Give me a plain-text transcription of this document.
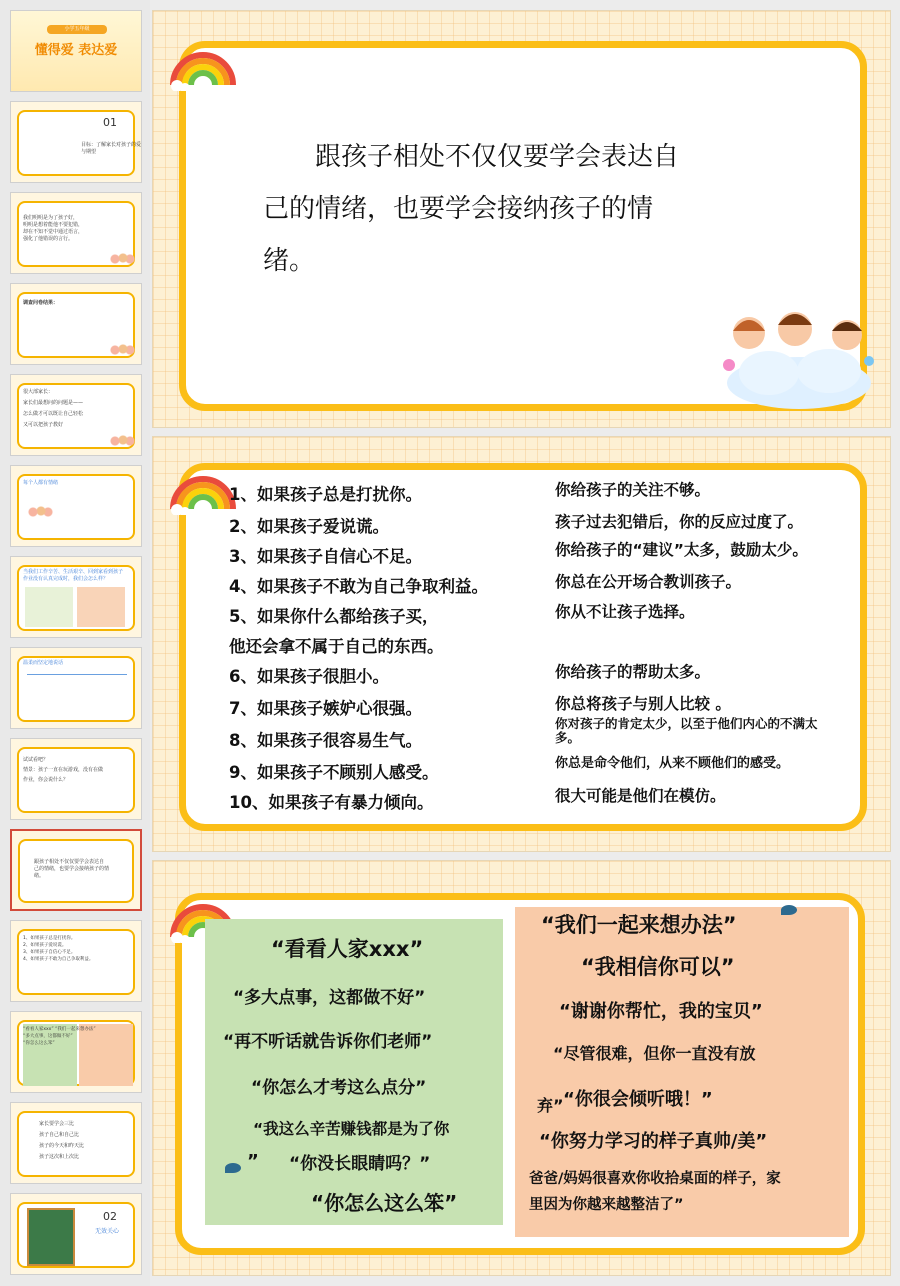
小学五年级
懂得爱 表达爱
01
目标：了解家长对孩子的爱与期望
我们明明是为了孩子好，
明明是想着能他不要犯错，
却在不知不觉中通过语言，
强化了他错误的言行。
调查问卷结果：
很大部家长：
家长们最想问的问题是——
怎么做才可以既让自己轻松
又可以把孩子教好
每个人都有情绪
当我们工作辛苦、生活艰辛、回到家看到孩子
作业没有认真完成时，我们会怎么样？
温柔而坚定地说话
试试看吧？
情景：孩子一直在玩游戏，没有在做
作业，你会说什么？
跟孩子相处不仅仅要学会表达自
己的情绪，也要学会接纳孩子的情
绪。
1、如果孩子总是打扰你。
2、如果孩子爱说谎。
3、如果孩子自信心不足。
4、如果孩子不敢为自己争取利益。
“看看人家xxx” “我们一起来想办法”
“多大点事，这都做不好”
“你怎么这么笨”
家长要学会三比
孩子自己和自己比
孩子的今天和昨天比
孩子这次和上次比
02
无效关心
跟孩子相处不仅仅要学会表达自己的情绪，也要学会接纳孩子的情绪。
1、如果孩子总是打扰你。
2、如果孩子爱说谎。
3、如果孩子自信心不足。
4、如果孩子不敢为自己争取利益。
5、如果你什么都给孩子买，
他还会拿不属于自己的东西。
6、如果孩子很胆小。
7、如果孩子嫉妒心很强。
8、如果孩子很容易生气。
9、如果孩子不顾别人感受。
10、如果孩子有暴力倾向。
你给孩子的关注不够。
孩子过去犯错后，你的反应过度了。
你给孩子的“建议”太多，鼓励太少。
你总在公开场合教训孩子。
你从不让孩子选择。
你给孩子的帮助太多。
你总将孩子与别人比较 。
你对孩子的肯定太少，以至于他们内心的不满太多。
你总是命令他们，从来不顾他们的感受。
很大可能是他们在模仿。
“看看人家xxx”
“多大点事，这都做不好”
“再不听话就告诉你们老师”
“你怎么才考这么点分”
“我这么辛苦赚钱都是为了你
” “你没长眼睛吗？”
“你怎么这么笨”
“我们一起来想办法”
“我相信你可以”
“谢谢你帮忙，我的宝贝”
“尽管很难，但你一直没有放
弃” “你很会倾听哦！”
“你努力学习的样子真帅/美”
爸爸/妈妈很喜欢你收拾桌面的样子，家
里因为你越来越整洁了”
